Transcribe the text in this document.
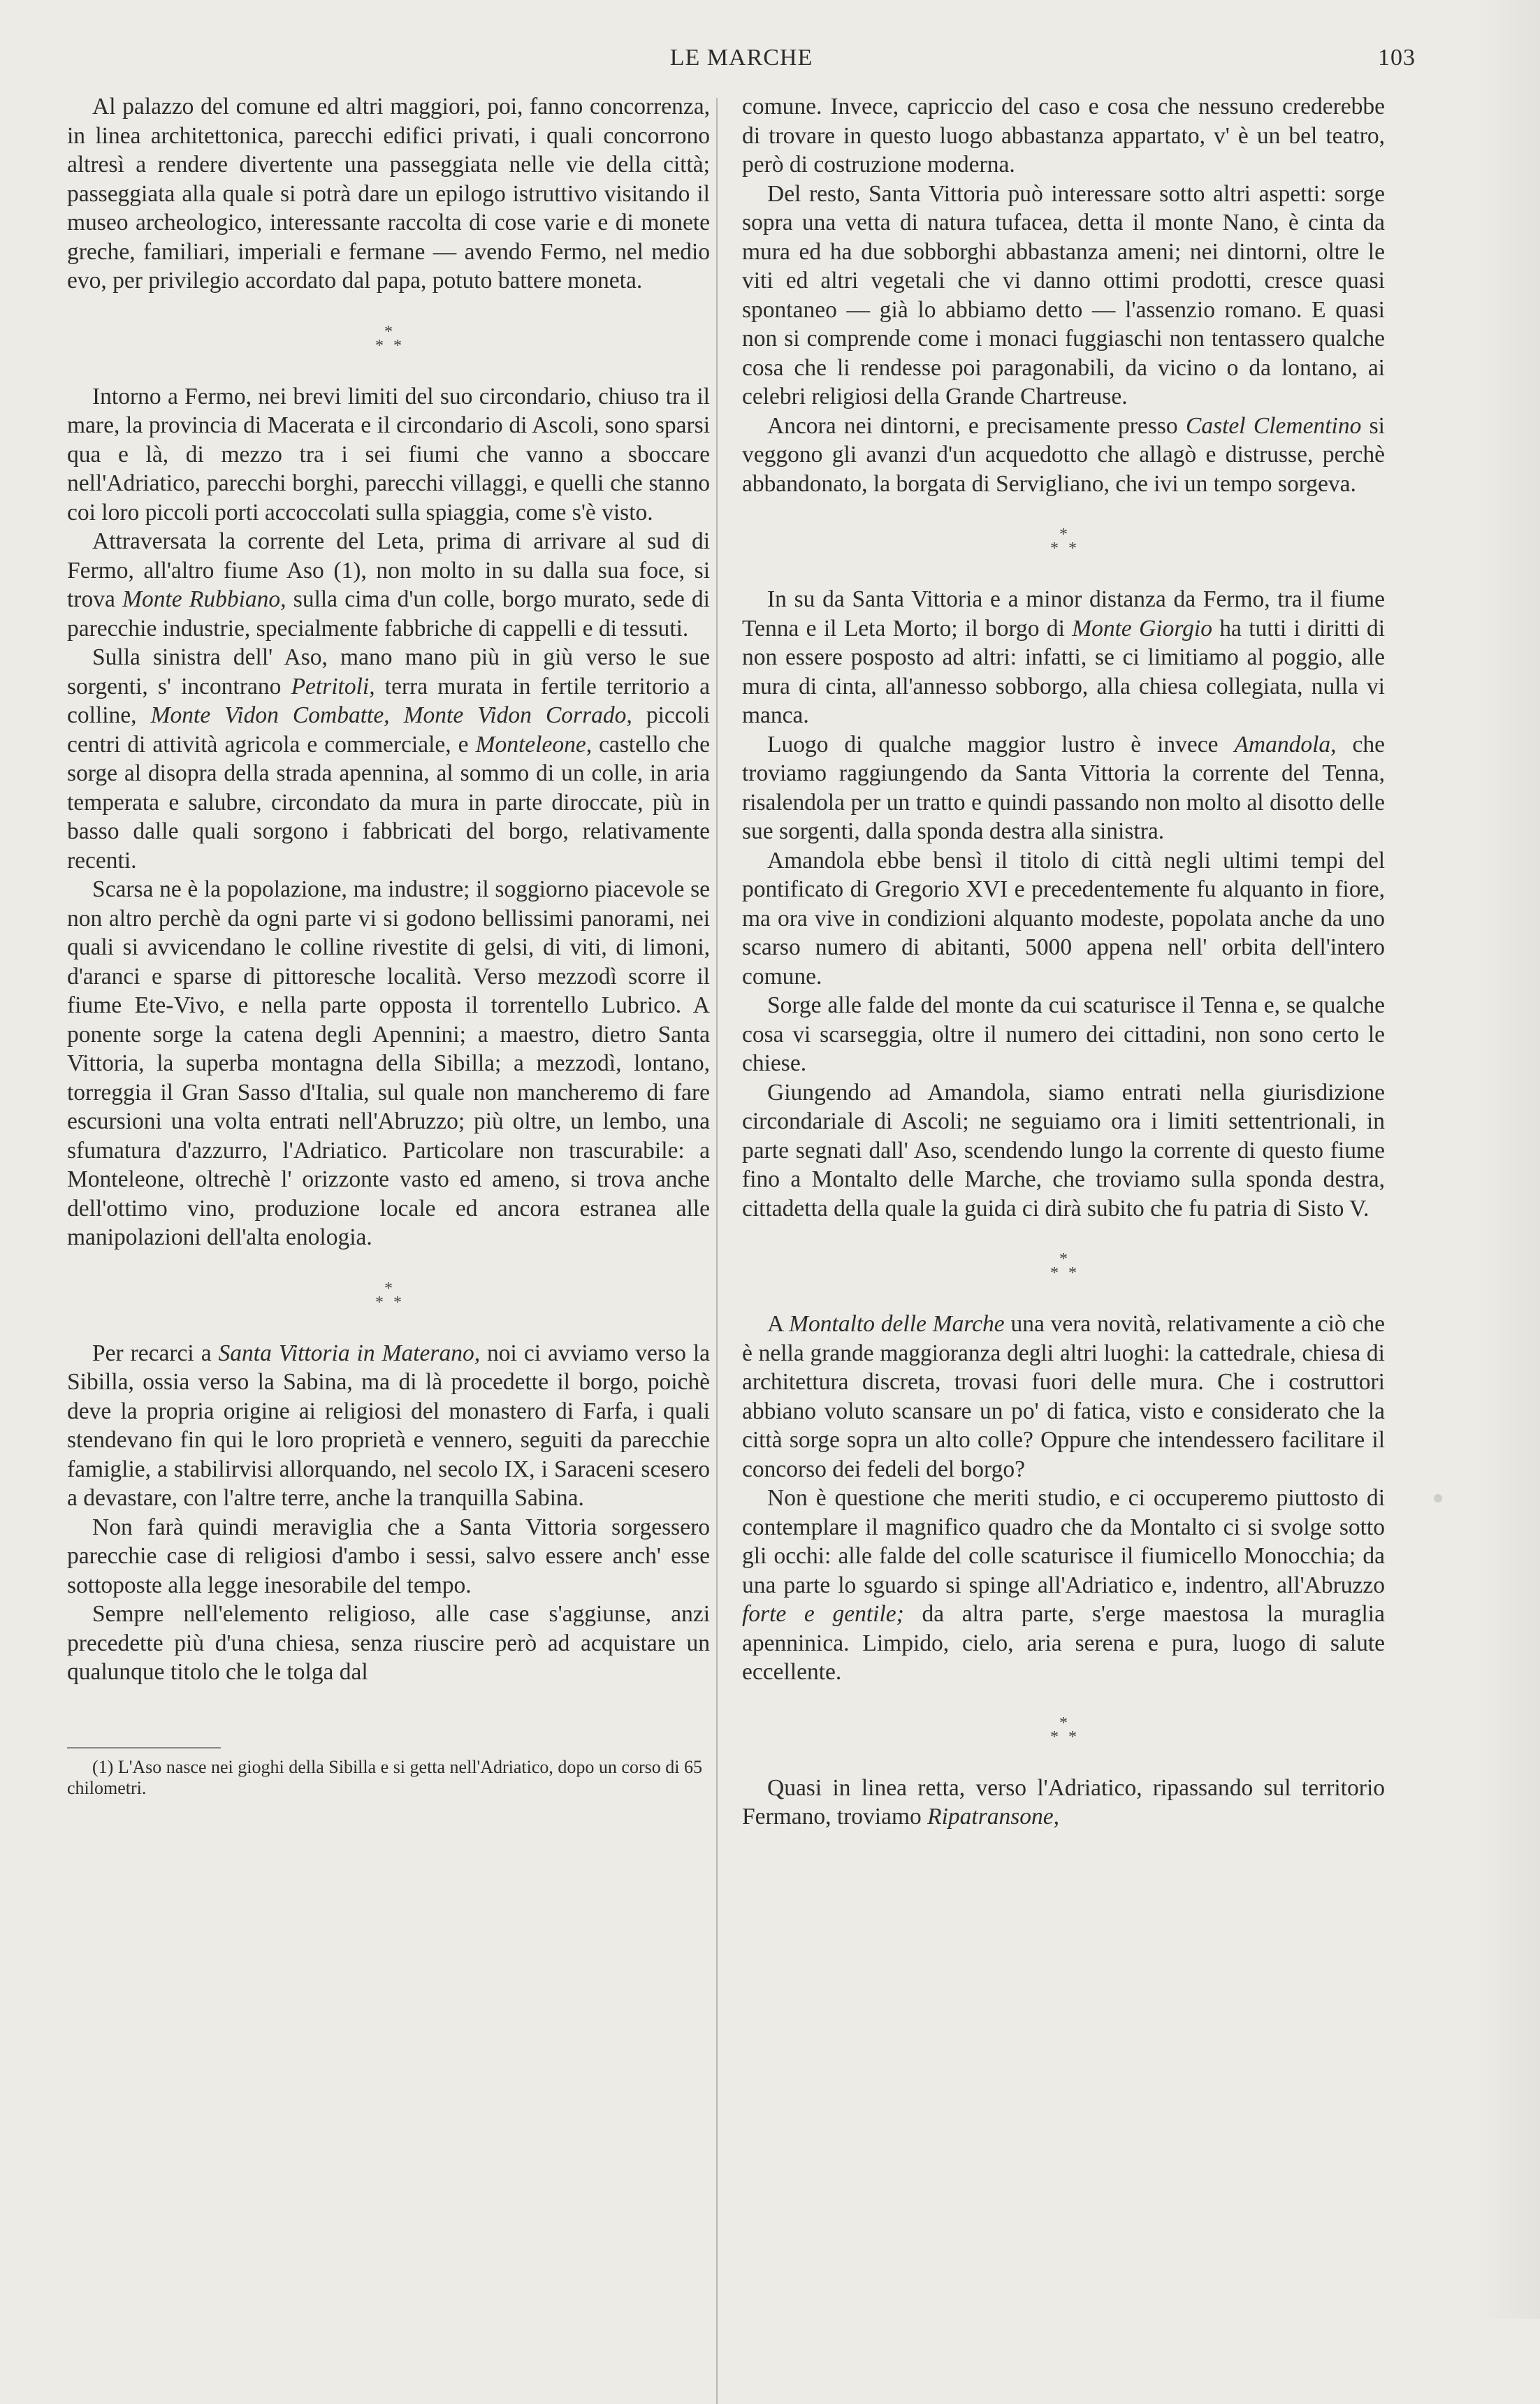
LE MARCHE	103

Al palazzo del comune ed altri maggiori, poi, fanno concorrenza, in linea architettonica, parecchi edifici privati, i quali concorrono altresì a rendere divertente una passeggiata nelle vie della città; passeggiata alla quale si potrà dare un epilogo istruttivo visitando il museo archeologico, interessante raccolta di cose varie e di monete greche, familiari, imperiali e fermane — avendo Fermo, nel medio evo, per privilegio accordato dal papa, potuto battere moneta.

*
**

Intorno a Fermo, nei brevi limiti del suo circondario, chiuso tra il mare, la provincia di Macerata e il circondario di Ascoli, sono sparsi qua e là, di mezzo tra i sei fiumi che vanno a sboccare nell'Adriatico, parecchi borghi, parecchi villaggi, e quelli che stanno coi loro piccoli porti accoccolati sulla spiaggia, come s'è visto.

Attraversata la corrente del Leta, prima di arrivare al sud di Fermo, all'altro fiume Aso (1), non molto in su dalla sua foce, si trova Monte Rubbiano, sulla cima d'un colle, borgo murato, sede di parecchie industrie, specialmente fabbriche di cappelli e di tessuti.

Sulla sinistra dell' Aso, mano mano più in giù verso le sue sorgenti, s' incontrano Petritoli, terra murata in fertile territorio a colline, Monte Vidon Combatte, Monte Vidon Corrado, piccoli centri di attività agricola e commerciale, e Monteleone, castello che sorge al disopra della strada apennina, al sommo di un colle, in aria temperata e salubre, circondato da mura in parte diroccate, più in basso dalle quali sorgono i fabbricati del borgo, relativamente recenti.

Scarsa ne è la popolazione, ma industre; il soggiorno piacevole se non altro perchè da ogni parte vi si godono bellissimi panorami, nei quali si avvicendano le colline rivestite di gelsi, di viti, di limoni, d'aranci e sparse di pittoresche località. Verso mezzodì scorre il fiume Ete-Vivo, e nella parte opposta il torrentello Lubrico. A ponente sorge la catena degli Apennini; a maestro, dietro Santa Vittoria, la superba montagna della Sibilla; a mezzodì, lontano, torreggia il Gran Sasso d'Italia, sul quale non mancheremo di fare escursioni una volta entrati nell'Abruzzo; più oltre, un lembo, una sfumatura d'azzurro, l'Adriatico. Particolare non trascurabile: a Monteleone, oltrechè l' orizzonte vasto ed ameno, si trova anche dell'ottimo vino, produzione locale ed ancora estranea alle manipolazioni dell'alta enologia.

*
**

Per recarci a Santa Vittoria in Materano, noi ci avviamo verso la Sibilla, ossia verso la Sabina, ma di là procedette il borgo, poichè deve la propria origine ai religiosi del monastero di Farfa, i quali stendevano fin qui le loro proprietà e vennero, seguiti da parecchie famiglie, a stabilirvisi allorquando, nel secolo IX, i Saraceni scesero a devastare, con l'altre terre, anche la tranquilla Sabina.

Non farà quindi meraviglia che a Santa Vittoria sorgessero parecchie case di religiosi d'ambo i sessi, salvo essere anch' esse sottoposte alla legge inesorabile del tempo.

Sempre nell'elemento religioso, alle case s'aggiunse, anzi precedette più d'una chiesa, senza riuscire però ad acquistare un qualunque titolo che le tolga dal

(1) L'Aso nasce nei gioghi della Sibilla e si getta nell'Adriatico, dopo un corso di 65 chilometri.

comune. Invece, capriccio del caso e cosa che nessuno crederebbe di trovare in questo luogo abbastanza appartato, v' è un bel teatro, però di costruzione moderna.

Del resto, Santa Vittoria può interessare sotto altri aspetti: sorge sopra una vetta di natura tufacea, detta il monte Nano, è cinta da mura ed ha due sobborghi abbastanza ameni; nei dintorni, oltre le viti ed altri vegetali che vi danno ottimi prodotti, cresce quasi spontaneo — già lo abbiamo detto — l'assenzio romano. E quasi non si comprende come i monaci fuggiaschi non tentassero qualche cosa che li rendesse poi paragonabili, da vicino o da lontano, ai celebri religiosi della Grande Chartreuse.

Ancora nei dintorni, e precisamente presso Castel Clementino si veggono gli avanzi d'un acquedotto che allagò e distrusse, perchè abbandonato, la borgata di Servigliano, che ivi un tempo sorgeva.

*
**

In su da Santa Vittoria e a minor distanza da Fermo, tra il fiume Tenna e il Leta Morto; il borgo di Monte Giorgio ha tutti i diritti di non essere posposto ad altri: infatti, se ci limitiamo al poggio, alle mura di cinta, all'annesso sobborgo, alla chiesa collegiata, nulla vi manca.

Luogo di qualche maggior lustro è invece Amandola, che troviamo raggiungendo da Santa Vittoria la corrente del Tenna, risalendola per un tratto e quindi passando non molto al disotto delle sue sorgenti, dalla sponda destra alla sinistra.

Amandola ebbe bensì il titolo di città negli ultimi tempi del pontificato di Gregorio XVI e precedentemente fu alquanto in fiore, ma ora vive in condizioni alquanto modeste, popolata anche da uno scarso numero di abitanti, 5000 appena nell' orbita dell'intero comune.

Sorge alle falde del monte da cui scaturisce il Tenna e, se qualche cosa vi scarseggia, oltre il numero dei cittadini, non sono certo le chiese.

Giungendo ad Amandola, siamo entrati nella giurisdizione circondariale di Ascoli; ne seguiamo ora i limiti settentrionali, in parte segnati dall' Aso, scendendo lungo la corrente di questo fiume fino a Montalto delle Marche, che troviamo sulla sponda destra, cittadetta della quale la guida ci dirà subito che fu patria di Sisto V.

*
**

A Montalto delle Marche una vera novità, relativamente a ciò che è nella grande maggioranza degli altri luoghi: la cattedrale, chiesa di architettura discreta, trovasi fuori delle mura. Che i costruttori abbiano voluto scansare un po' di fatica, visto e considerato che la città sorge sopra un alto colle? Oppure che intendessero facilitare il concorso dei fedeli del borgo?

Non è questione che meriti studio, e ci occuperemo piuttosto di contemplare il magnifico quadro che da Montalto ci si svolge sotto gli occhi: alle falde del colle scaturisce il fiumicello Monocchia; da una parte lo sguardo si spinge all'Adriatico e, indentro, all'Abruzzo forte e gentile; da altra parte, s'erge maestosa la muraglia apenninica. Limpido, cielo, aria serena e pura, luogo di salute eccellente.

*
**

Quasi in linea retta, verso l'Adriatico, ripassando sul territorio Fermano, troviamo Ripatransone,
